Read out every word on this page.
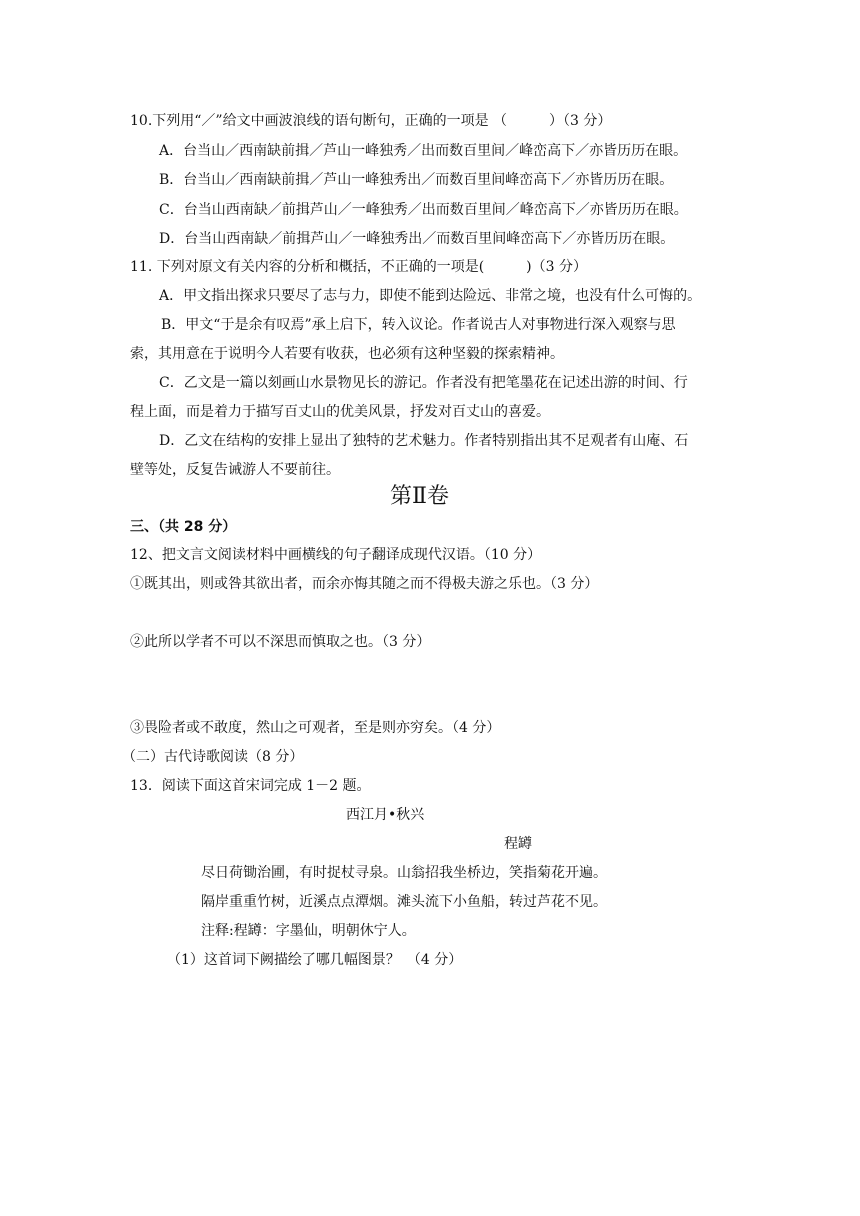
10.下列用“／”给文中画波浪线的语句断句，正确的一项是 （　　　）（3 分）
A．台当山／西南缺前揖／芦山一峰独秀／出而数百里间／峰峦高下／亦皆历历在眼。
B．台当山／西南缺前揖／芦山一峰独秀出／而数百里间峰峦高下／亦皆历历在眼。
C．台当山西南缺／前揖芦山／一峰独秀／出而数百里间／峰峦高下／亦皆历历在眼。
D．台当山西南缺／前揖芦山／一峰独秀出／而数百里间峰峦高下／亦皆历历在眼。
11. 下列对原文有关内容的分析和概括，不正确的一项是(　　　)（3 分）
A．甲文指出探求只要尽了志与力，即使不能到达险远、非常之境，也没有什么可悔的。
B．甲文“于是余有叹焉”承上启下，转入议论。作者说古人对事物进行深入观察与思
索，其用意在于说明今人若要有收获，也必须有这种坚毅的探索精神。
C．乙文是一篇以刻画山水景物见长的游记。作者没有把笔墨花在记述出游的时间、行
程上面，而是着力于描写百丈山的优美风景，抒发对百丈山的喜爱。
D．乙文在结构的安排上显出了独特的艺术魅力。作者特别指出其不足观者有山庵、石
壁等处，反复告诫游人不要前往。
第Ⅱ卷
三、（共 28 分）
12、把文言文阅读材料中画横线的句子翻译成现代汉语。（10 分）
①既其出，则或咎其欲出者，而余亦悔其随之而不得极夫游之乐也。（3 分）
②此所以学者不可以不深思而慎取之也。（3 分）
③畏险者或不敢度，然山之可观者，至是则亦穷矣。（4 分）
（二）古代诗歌阅读（8 分）
13．阅读下面这首宋词完成 1－2 题。
西江月•秋兴
程罇
尽日荷锄治圃，有时捉杖寻泉。山翁招我坐桥边，笑指菊花开遍。
隔岸重重竹树，近溪点点潭烟。滩头流下小鱼船，转过芦花不见。
注释:程罇：字墨仙，明朝休宁人。
（1）这首词下阙描绘了哪几幅图景？　（4 分）
